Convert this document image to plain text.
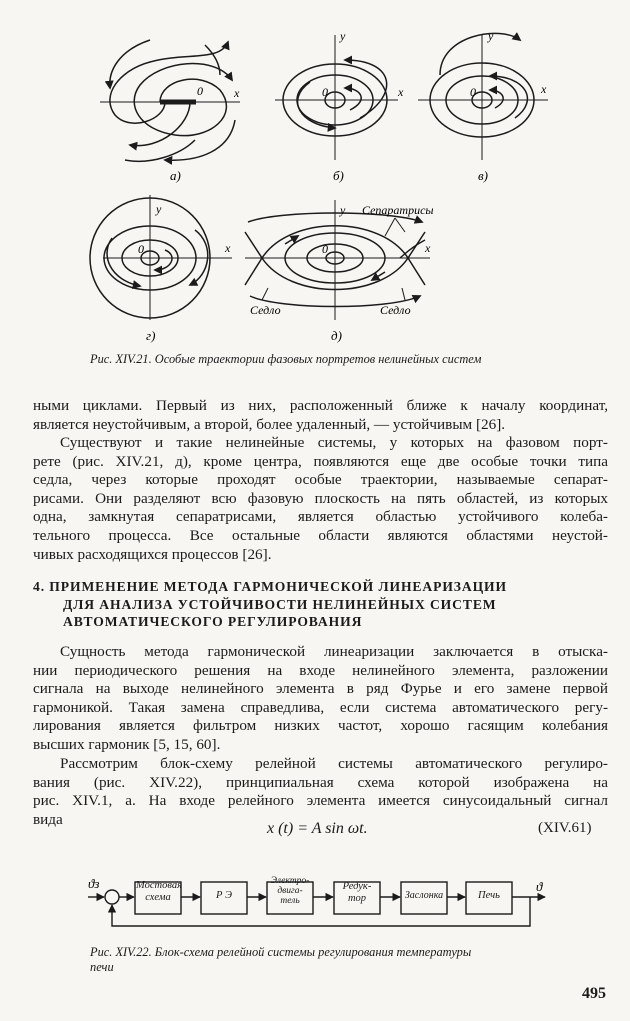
0	x
а)
y
0	x
б)
y
0	x
в)
y
0	x
г)
y
0	x
Сепаратрисы
Седло	Седло
д)
Рис. XIV.21. Особые траектории фазовых портретов нелинейных систем
ными циклами. Первый из них, расположенный ближе к началу координат,
является неустойчивым, а второй, более удаленный, — устойчивым [26].
Существуют и такие нелинейные системы, у которых на фазовом порт-
рете (рис. XIV.21, д), кроме центра, появляются еще две особые точки типа
седла, через которые проходят особые траектории, называемые сепарат-
рисами. Они разделяют всю фазовую плоскость на пять областей, из которых
одна, замкнутая сепаратрисами, является областью устойчивого колеба-
тельного процесса. Все остальные области являются областями неустой-
чивых расходящихся процессов [26].
4. ПРИМЕНЕНИЕ МЕТОДА ГАРМОНИЧЕСКОЙ ЛИНЕАРИЗАЦИИ
ДЛЯ АНАЛИЗА УСТОЙЧИВОСТИ НЕЛИНЕЙНЫХ СИСТЕМ
АВТОМАТИЧЕСКОГО РЕГУЛИРОВАНИЯ
Сущность метода гармонической линеаризации заключается в отыска-
нии периодического решения на входе нелинейного элемента, разложении
сигнала на выходе нелинейного элемента в ряд Фурье и его замене первой
гармоникой. Такая замена справедлива, если система автоматического регу-
лирования является фильтром низких частот, хорошо гасящим колебания
высших гармоник [5, 15, 60].
Рассмотрим блок-схему релейной системы автоматического регулиро-
вания (рис. XIV.22), принципиальная схема которой изображена на
рис. XIV.1, а. На входе релейного элемента имеется синусоидальный сигнал
вида
x (t) = A sin ωt.	(XIV.61)
ϑз	ϑ
Мостовая схема	Р Э
Электро-двига-тель
Редук-тор	Заслонка	Печь
Рис. XIV.22. Блок-схема релейной системы регулирования температуры
печи
495
